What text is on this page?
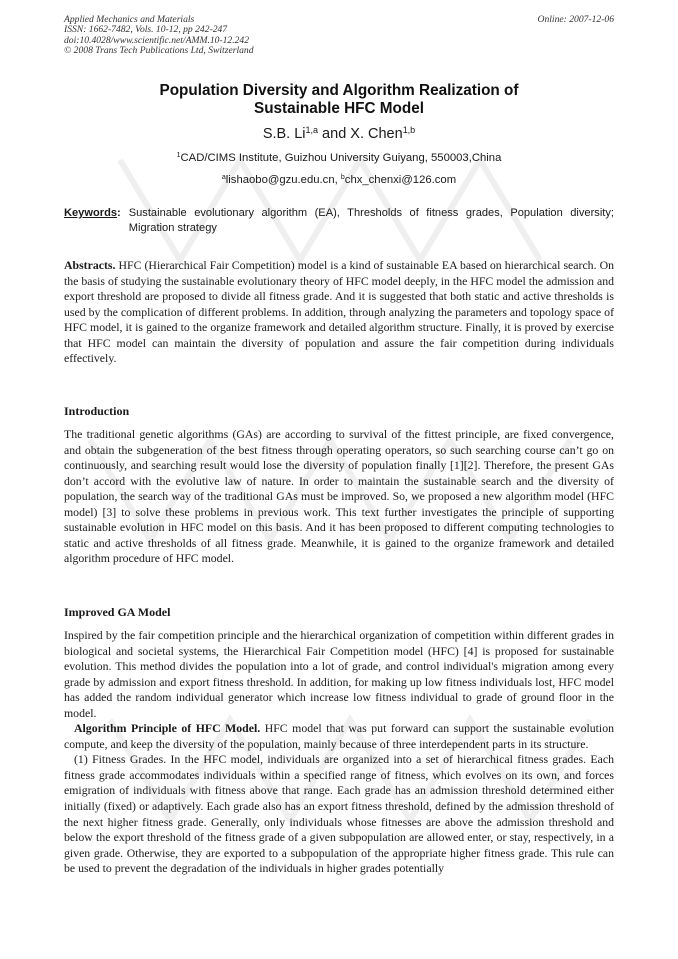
Applied Mechanics and Materials
ISSN: 1662-7482, Vols. 10-12, pp 242-247
doi:10.4028/www.scientific.net/AMM.10-12.242
© 2008 Trans Tech Publications Ltd, Switzerland
Online: 2007-12-06
Population Diversity and Algorithm Realization of
Sustainable HFC Model
S.B. Li$^{1,a}$ and X. Chen$^{1,b}$
$^1$CAD/CIMS Institute, Guizhou University Guiyang, 550003,China
$^a$lishaobo@gzu.edu.cn, $^b$chx_chenxi@126.com
Keywords : Sustainable evolutionary algorithm (EA), Thresholds of fitness grades, Population diversity; Migration strategy

Abstracts. HFC (Hierarchical Fair Competition) model is a kind of sustainable EA based on hierarchical search. On the basis of studying the sustainable evolutionary theory of HFC model deeply, in the HFC model the admission and export threshold are proposed to divide all fitness grade. And it is suggested that both static and active thresholds is used by the complication of different problems. In addition, through analyzing the parameters and topology space of HFC model, it is gained to the organize framework and detailed algorithm structure. Finally, it is proved by exercise that HFC model can maintain the diversity of population and assure the fair competition during individuals effectively.

Introduction

The traditional genetic algorithms (GAs) are according to survival of the fittest principle, are fixed convergence, and obtain the subgeneration of the best fitness through operating operators, so such searching course can’t go on continuously, and searching result would lose the diversity of population finally [1][2]. Therefore, the present GAs don’t accord with the evolutive law of nature. In order to maintain the sustainable search and the diversity of population, the search way of the traditional GAs must be improved. So, we proposed a new algorithm model (HFC model) [3] to solve these problems in previous work. This text further investigates the principle of supporting sustainable evolution in HFC model on this basis. And it has been proposed to different computing technologies to static and active thresholds of all fitness grade. Meanwhile, it is gained to the organize framework and detailed algorithm procedure of HFC model.

Improved GA Model

Inspired by the fair competition principle and the hierarchical organization of competition within different grades in biological and societal systems, the Hierarchical Fair Competition model (HFC) [4] is proposed for sustainable evolution. This method divides the population into a lot of grade, and control individual's migration among every grade by admission and export fitness threshold. In addition, for making up low fitness individuals lost, HFC model has added the random individual generator which increase low fitness individual to grade of ground floor in the model.

Algorithm Principle of HFC Model. HFC model that was put forward can support the sustainable evolution compute, and keep the diversity of the population, mainly because of three interdependent parts in its structure.

(1) Fitness Grades. In the HFC model, individuals are organized into a set of hierarchical fitness grades. Each fitness grade accommodates individuals within a specified range of fitness, which evolves on its own, and forces emigration of individuals with fitness above that range. Each grade has an admission threshold determined either initially (fixed) or adaptively. Each grade also has an export fitness threshold, defined by the admission threshold of the next higher fitness grade. Generally, only individuals whose fitnesses are above the admission threshold and below the export threshold of the fitness grade of a given subpopulation are allowed enter, or stay, respectively, in a given grade. Otherwise, they are exported to a subpopulation of the appropriate higher fitness grade. This rule can be used to prevent the degradation of the individuals in higher grades potentially
